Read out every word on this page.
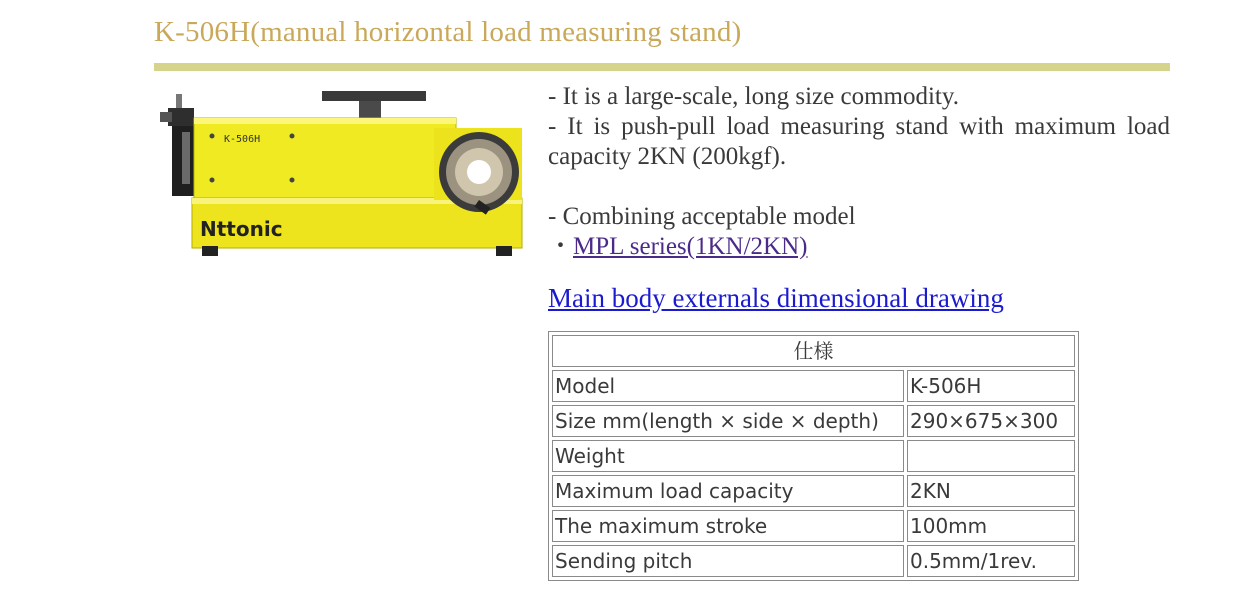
K-506H(manual horizontal load measuring stand)
K-506H
Nttonic

- It is a large-scale, long size commodity.

- It is push-pull load measuring stand with maximum load capacity 2KN (200kgf).

- Combining acceptable model

・MPL series(1KN/2KN)

Main body externals dimensional drawing
仕様	
Model	K-506H
Size mm(length × side × depth)	290×675×300
Weight	
Maximum load capacity	2KN
The maximum stroke	100mm
Sending pitch	0.5mm/1rev.
